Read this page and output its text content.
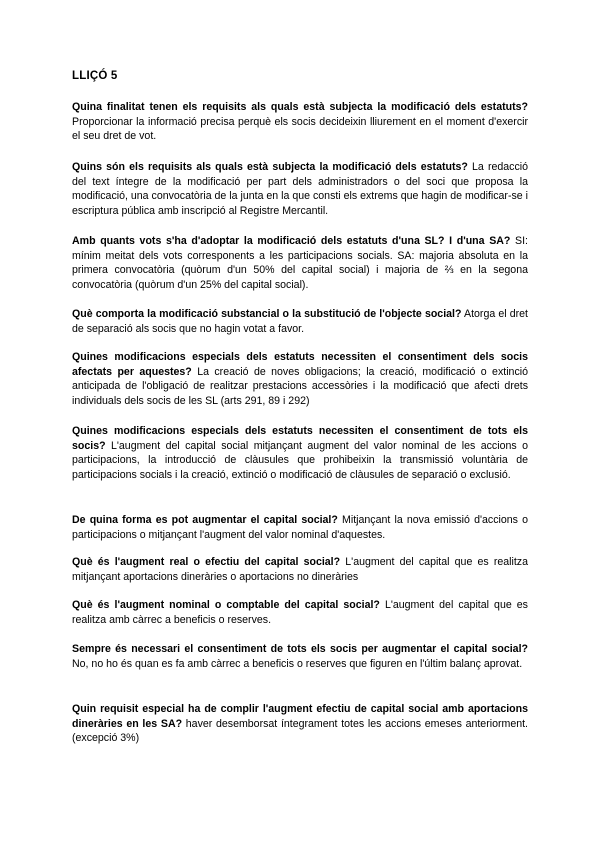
LLIÇÓ 5
Quina finalitat tenen els requisits als quals està subjecta la modificació dels estatuts? Proporcionar la informació precisa perquè els socis decideixin lliurement en el moment d'exercir el seu dret de vot.
Quins són els requisits als quals està subjecta la modificació dels estatuts? La redacció del text íntegre de la modificació per part dels administradors o del soci que proposa la modificació, una convocatòria de la junta en la que consti els extrems que hagin de modificar-se i escriptura pública amb inscripció al Registre Mercantil.
Amb quants vots s'ha d'adoptar la modificació dels estatuts d'una SL? I d'una SA? SI: mínim meitat dels vots corresponents a les participacions socials. SA: majoria absoluta en la primera convocatòria (quòrum d'un 50% del capital social) i majoria de ⅔ en la segona convocatòria (quòrum d'un 25% del capital social).
Què comporta la modificació substancial o la substitució de l'objecte social? Atorga el dret de separació als socis que no hagin votat a favor.
Quines modificacions especials dels estatuts necessiten el consentiment dels socis afectats per aquestes? La creació de noves obligacions; la creació, modificació o extinció anticipada de l'obligació de realitzar prestacions accessòries i la modificació que afecti drets individuals dels socis de les SL (arts 291, 89 i 292)
Quines modificacions especials dels estatuts necessiten el consentiment de tots els socis? L'augment del capital social mitjançant augment del valor nominal de les accions o participacions, la introducció de clàusules que prohibeixin la transmissió voluntària de participacions socials i la creació, extinció o modificació de clàusules de separació o exclusió.
De quina forma es pot augmentar el capital social? Mitjançant la nova emissió d'accions o participacions o mitjançant l'augment del valor nominal d'aquestes.
Què és l'augment real o efectiu del capital social? L'augment del capital que es realitza mitjançant aportacions dineràries o aportacions no dineràries
Què és l'augment nominal o comptable del capital social? L'augment del capital que es realitza amb càrrec a beneficis o reserves.
Sempre és necessari el consentiment de tots els socis per augmentar el capital social? No, no ho és quan es fa amb càrrec a beneficis o reserves que figuren en l'últim balanç aprovat.
Quin requisit especial ha de complir l'augment efectiu de capital social amb aportacions dineràries en les SA? haver desemborsat íntegrament totes les accions emeses anteriorment. (excepció 3%)
